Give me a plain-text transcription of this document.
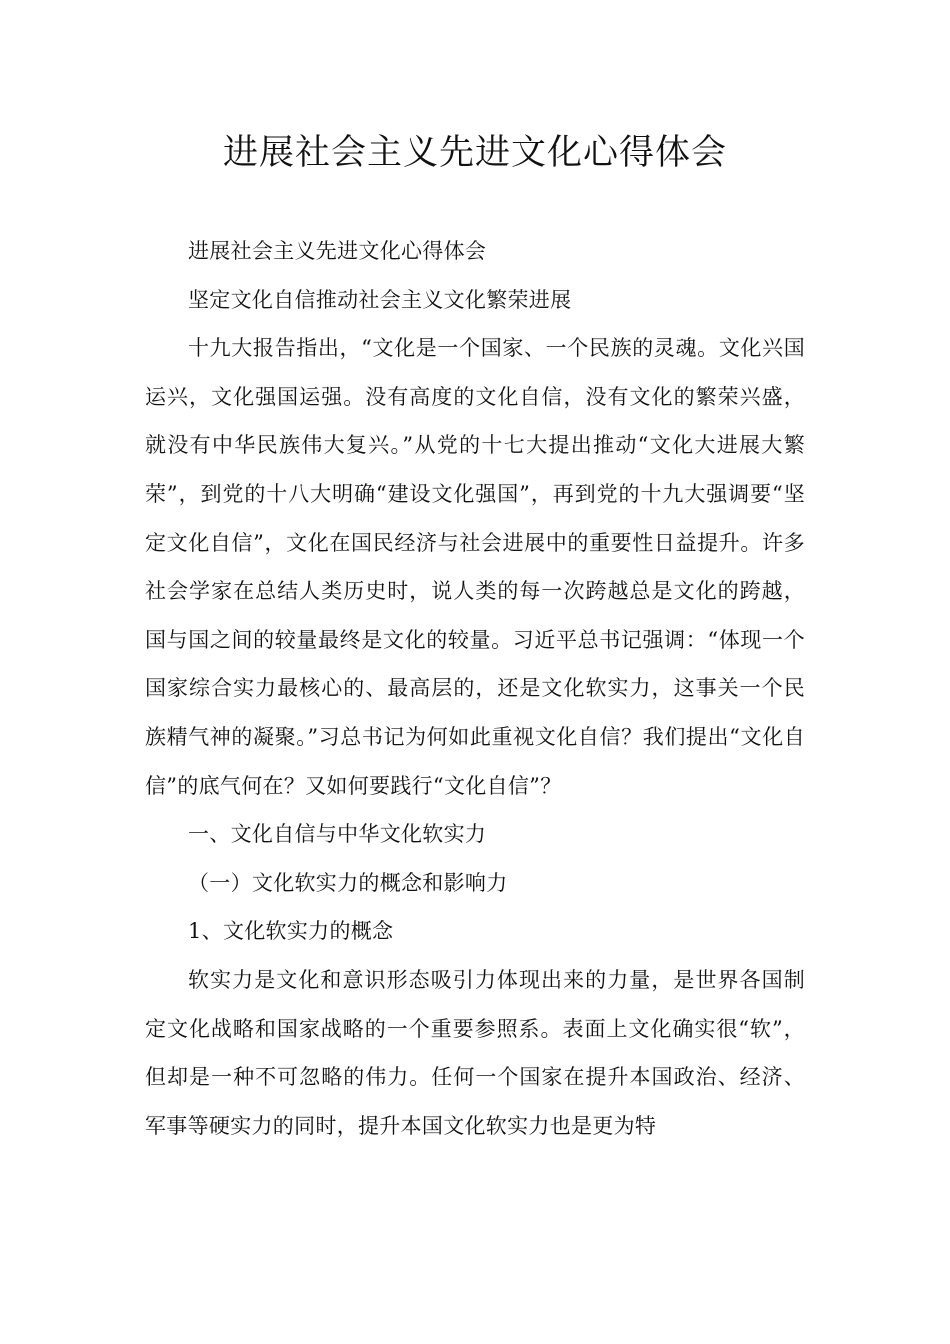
进展社会主义先进文化心得体会

进展社会主义先进文化心得体会

坚定文化自信推动社会主义文化繁荣进展

十九大报告指出，“文化是一个国家、一个民族的灵魂。文化兴国运兴，文化强国运强。没有高度的文化自信，没有文化的繁荣兴盛，就没有中华民族伟大复兴。”从党的十七大提出推动“文化大进展大繁荣”，到党的十八大明确“建设文化强国”，再到党的十九大强调要“坚定文化自信”，文化在国民经济与社会进展中的重要性日益提升。许多社会学家在总结人类历史时，说人类的每一次跨越总是文化的跨越，国与国之间的较量最终是文化的较量。习近平总书记强调：“体现一个国家综合实力最核心的、最高层的，还是文化软实力，这事关一个民族精气神的凝聚。”习总书记为何如此重视文化自信？我们提出“文化自信”的底气何在？又如何要践行“文化自信”？

一、文化自信与中华文化软实力

（一）文化软实力的概念和影响力

1、文化软实力的概念

软实力是文化和意识形态吸引力体现出来的力量，是世界各国制定文化战略和国家战略的一个重要参照系。表面上文化确实很“软”，但却是一种不可忽略的伟力。任何一个国家在提升本国政治、经济、军事等硬实力的同时，提升本国文化软实力也是更为特
